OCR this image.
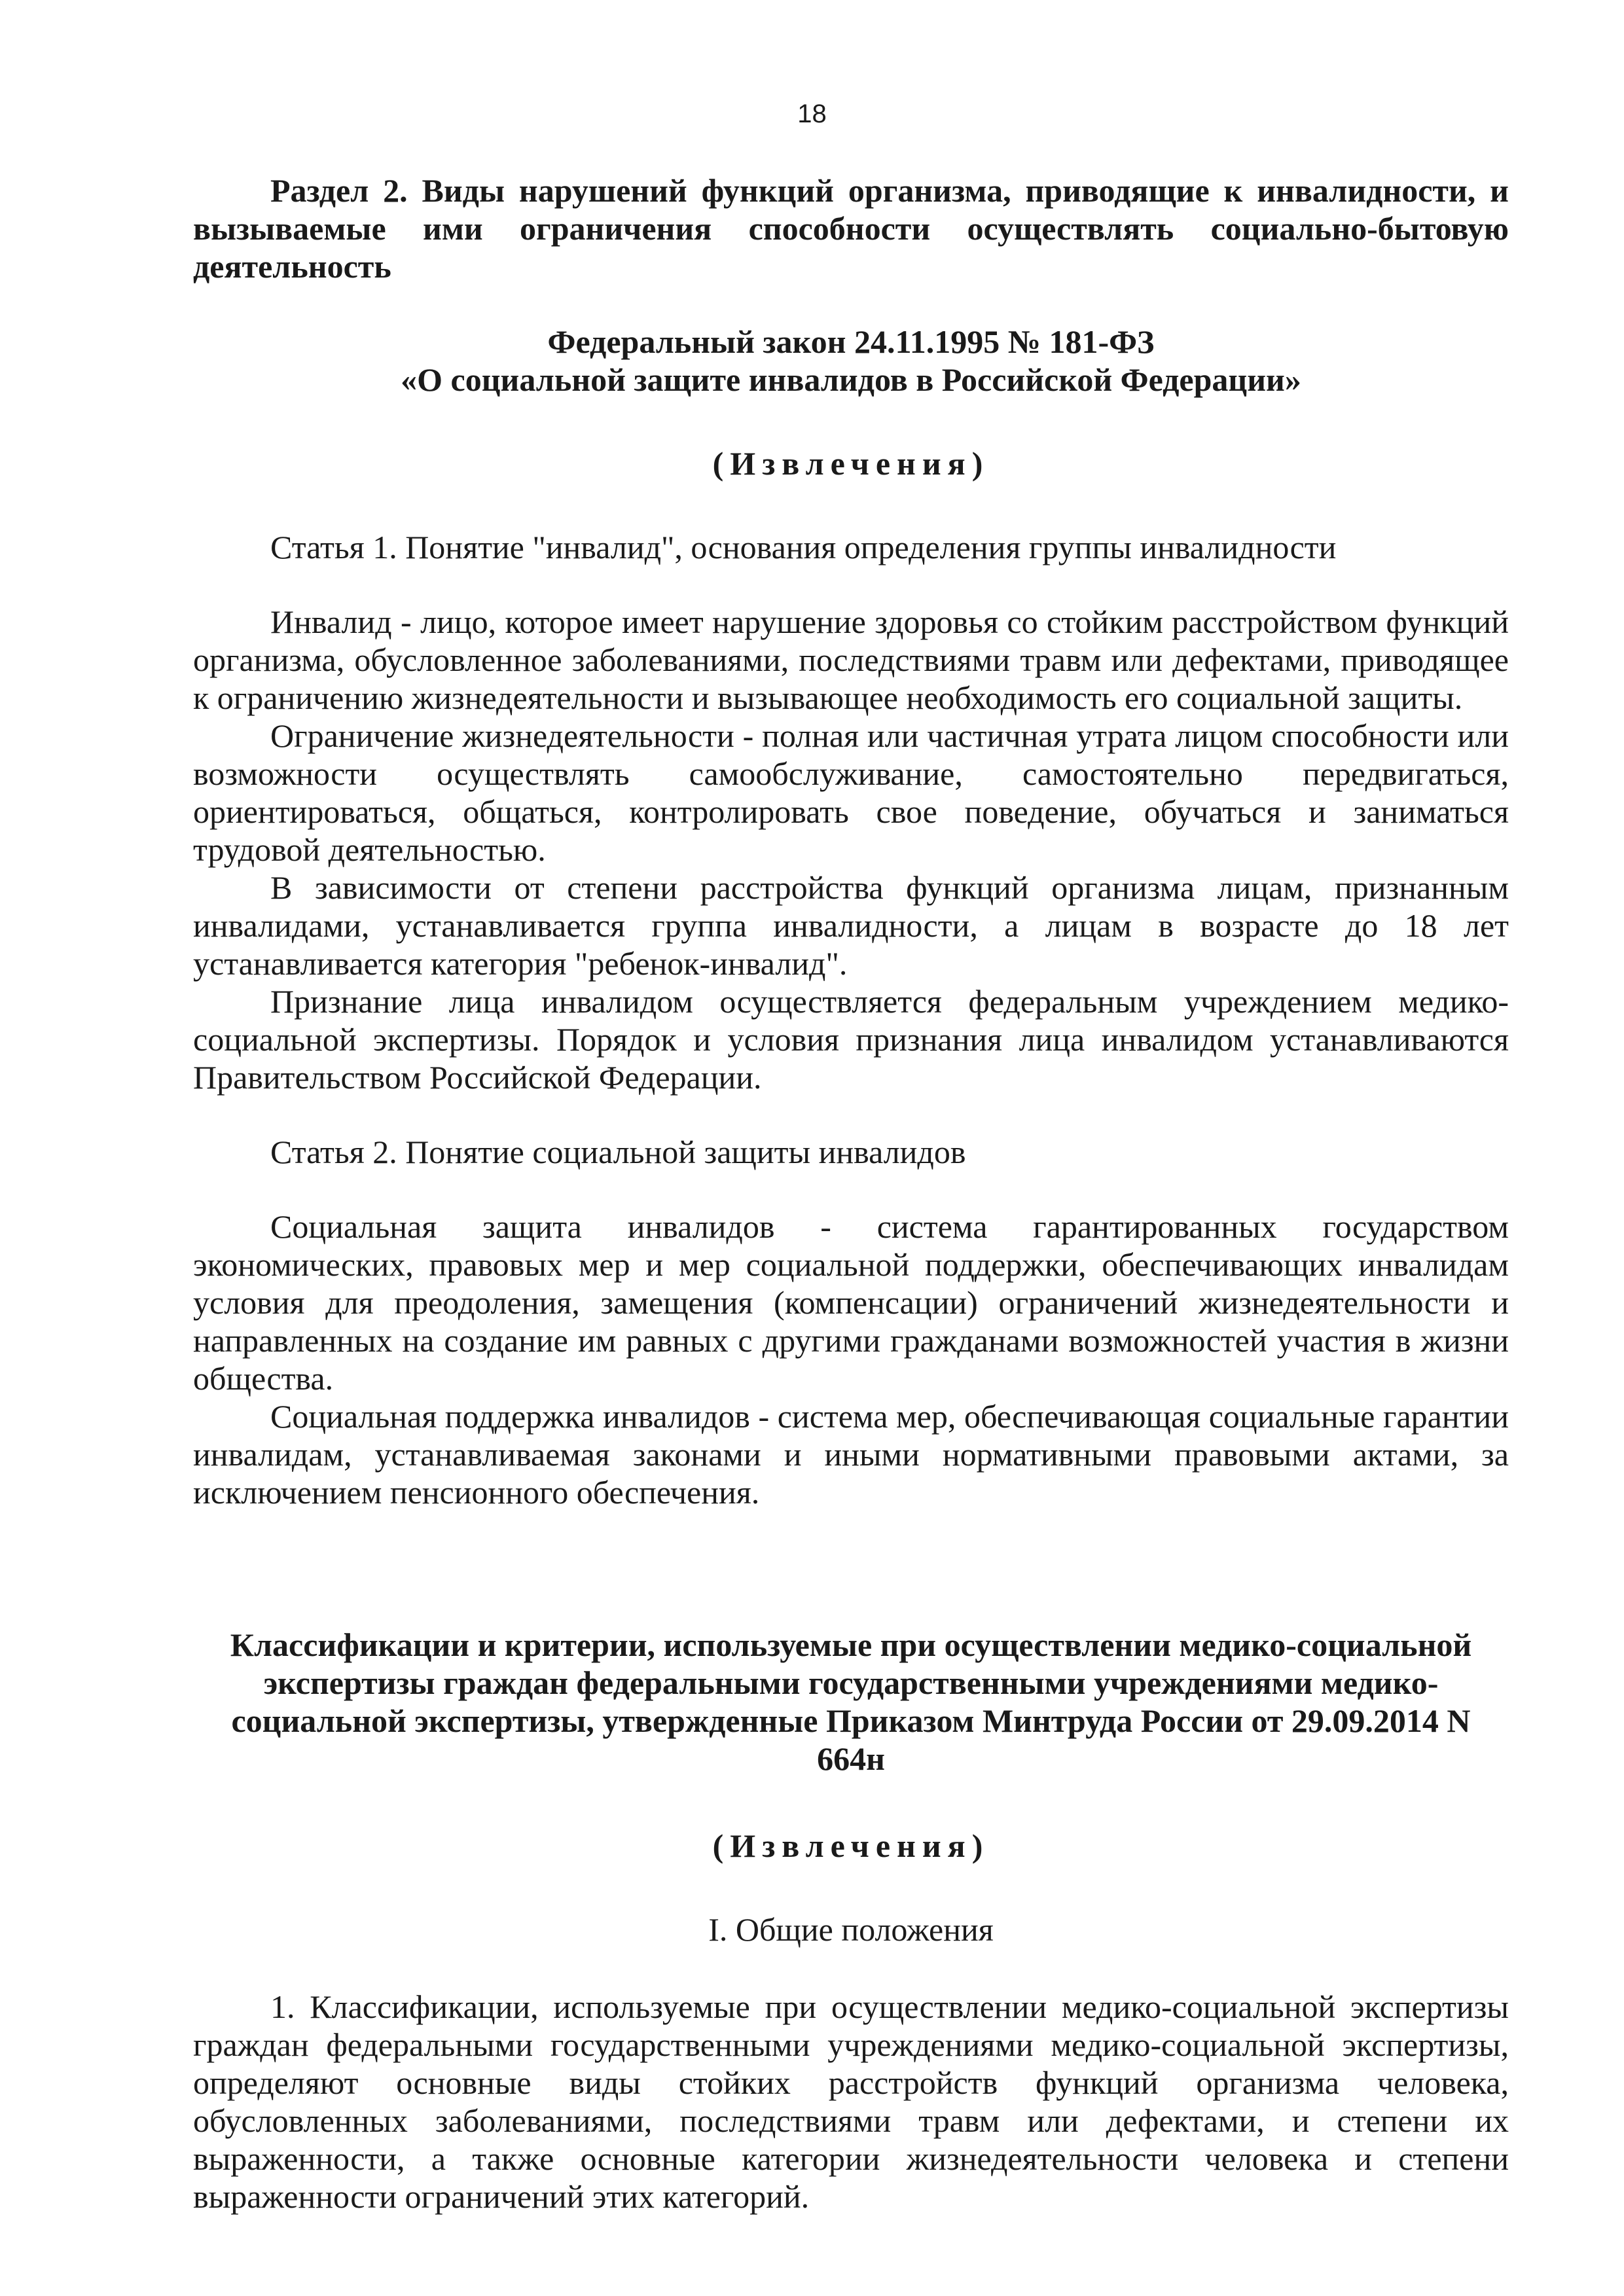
18

Раздел 2. Виды нарушений функций организма, приводящие к инвалидности, и вызываемые ими ограничения способности осуществлять социально-бытовую деятельность

Федеральный закон 24.11.1995 № 181-ФЗ

«О социальной защите инвалидов в Российской Федерации»

(Извлечения)

Статья 1. Понятие "инвалид", основания определения группы инвалидности

Инвалид - лицо, которое имеет нарушение здоровья со стойким расстройством функций организма, обусловленное заболеваниями, последствиями травм или дефектами, приводящее к ограничению жизнедеятельности и вызывающее необходимость его социальной защиты.

Ограничение жизнедеятельности - полная или частичная утрата лицом способности или возможности осуществлять самообслуживание, самостоятельно передвигаться, ориентироваться, общаться, контролировать свое поведение, обучаться и заниматься трудовой деятельностью.

В зависимости от степени расстройства функций организма лицам, признанным инвалидами, устанавливается группа инвалидности, а лицам в возрасте до 18 лет устанавливается категория "ребенок-инвалид".

Признание лица инвалидом осуществляется федеральным учреждением медико-социальной экспертизы. Порядок и условия признания лица инвалидом устанавливаются Правительством Российской Федерации.

Статья 2. Понятие социальной защиты инвалидов

Социальная защита инвалидов - система гарантированных государством экономических, правовых мер и мер социальной поддержки, обеспечивающих инвалидам условия для преодоления, замещения (компенсации) ограничений жизнедеятельности и направленных на создание им равных с другими гражданами возможностей участия в жизни общества.

Социальная поддержка инвалидов - система мер, обеспечивающая социальные гарантии инвалидам, устанавливаемая законами и иными нормативными правовыми актами, за исключением пенсионного обеспечения.

Классификации и критерии, используемые при осуществлении медико-социальной экспертизы граждан федеральными государственными учреждениями медико-социальной экспертизы, утвержденные Приказом Минтруда России от 29.09.2014 N 664н

(Извлечения)

I. Общие положения

1. Классификации, используемые при осуществлении медико-социальной экспертизы граждан федеральными государственными учреждениями медико-социальной экспертизы, определяют основные виды стойких расстройств функций организма человека, обусловленных заболеваниями, последствиями травм или дефектами, и степени их выраженности, а также основные категории жизнедеятельности человека и степени выраженности ограничений этих категорий.
